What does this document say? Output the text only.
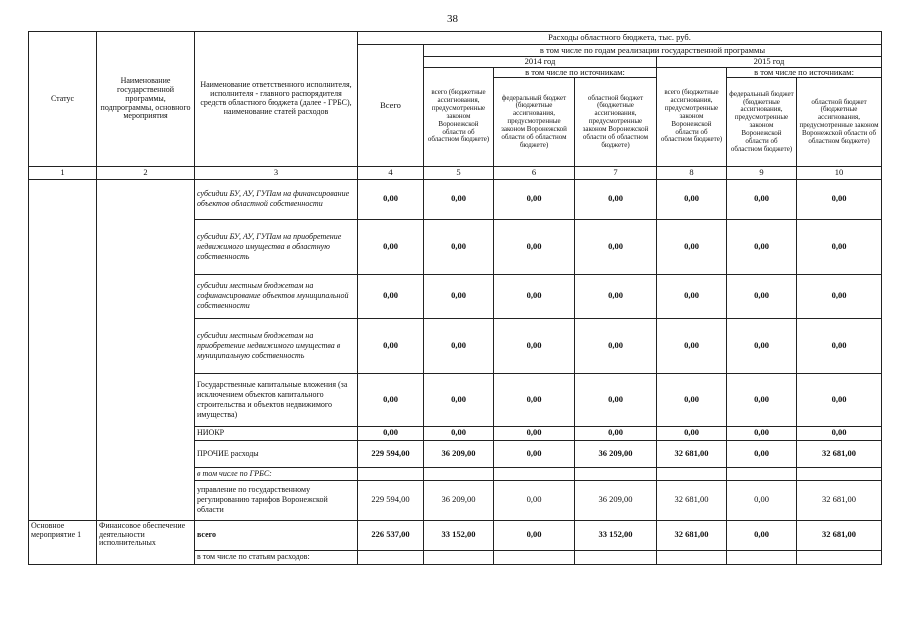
38
Статус	Наименование государственной программы, подпрограммы, основного мероприятия	Наименование ответственного исполнителя, исполнителя - главного распорядителя средств областного бюджета (далее - ГРБС), наименование статей расходов	Расходы областного бюджета, тыс. руб.						
			Всего	в том числе по годам реализации государственной программы					
				2014 год			2015 год		
				всего (бюджетные ассигнования, предусмотренные законом Воронежской области об областном бюджете)	в том числе по источникам:		всего (бюджетные ассигнования, предусмотренные законом Воронежской области об областном бюджете)	в том числе по источникам:	
					федеральный бюджет (бюджетные ассигнования, предусмотренные законом Воронежской области об областном бюджете)	областной бюджет (бюджетные ассигнования, предусмотренные законом Воронежской области об областном бюджете)		федеральный бюджет (бюджетные ассигнования, предусмотренные законом Воронежской области об областном бюджете)	областной бюджет (бюджетные ассигнования, предусмотренные законом Воронежской области об областном бюджете)
1	2	3	4	5	6	7	8	9	10
		субсидии БУ, АУ, ГУПам на финансирование объектов областной собственности	0,00	0,00	0,00	0,00	0,00	0,00	0,00
		субсидии БУ, АУ, ГУПам на приобретение недвижимого имущества в областную собственность	0,00	0,00	0,00	0,00	0,00	0,00	0,00
		субсидии местным бюджетам на софинансирование объектов муниципальной собственности	0,00	0,00	0,00	0,00	0,00	0,00	0,00
		субсидии местным бюджетам на приобретение недвижимого имущества в муниципальную собственность	0,00	0,00	0,00	0,00	0,00	0,00	0,00
		Государственные капитальные вложения (за исключением объектов капитального строительства и объектов недвижимого имущества)	0,00	0,00	0,00	0,00	0,00	0,00	0,00
		НИОКР	0,00	0,00	0,00	0,00	0,00	0,00	0,00
		ПРОЧИЕ расходы	229 594,00	36 209,00	0,00	36 209,00	32 681,00	0,00	32 681,00
		в том числе по ГРБС:							
		управление по государственному регулированию тарифов Воронежской области	229 594,00	36 209,00	0,00	36 209,00	32 681,00	0,00	32 681,00
Основное мероприятие 1	Финансовое обеспечение деятельности исполнительных	всего	226 537,00	33 152,00	0,00	33 152,00	32 681,00	0,00	32 681,00
		в том числе по статьям расходов:							
